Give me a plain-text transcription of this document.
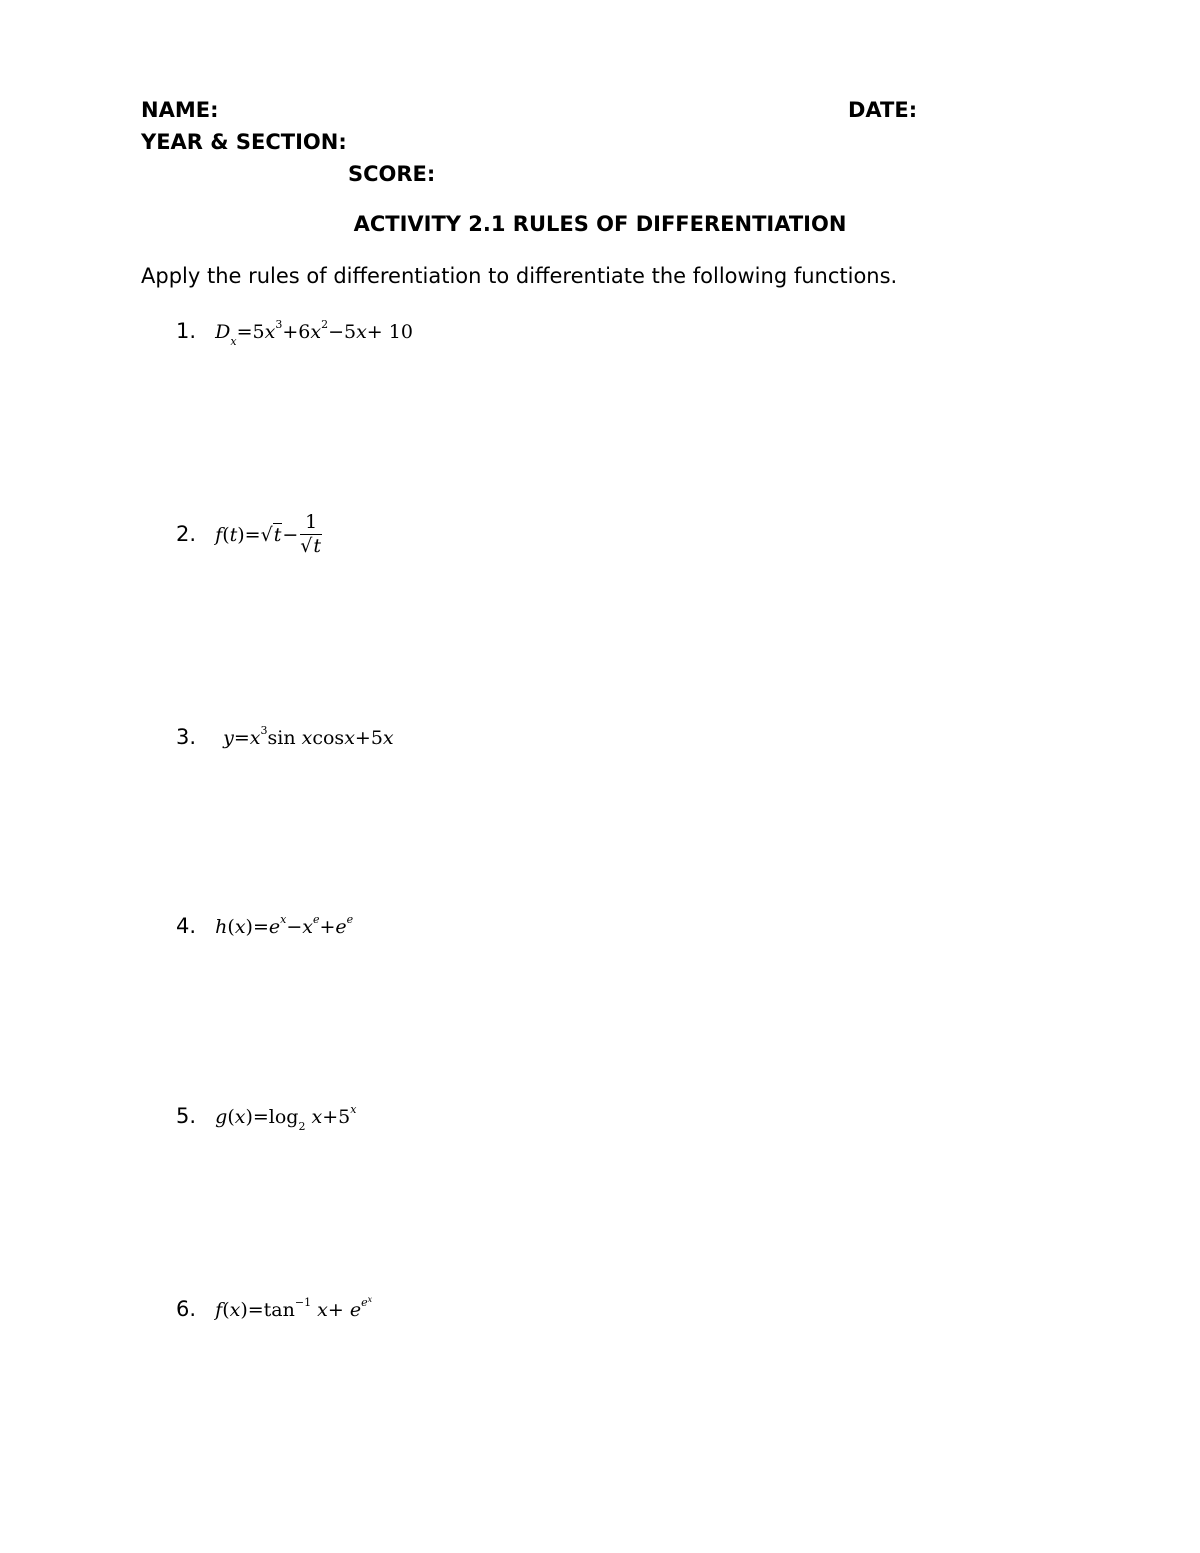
NAME:	DATE:
YEAR & SECTION:
SCORE:
ACTIVITY 2.1 RULES OF DIFFERENTIATION
Apply the rules of differentiation to differentiate the following functions.
1. $D_x=5x^3+6x^2-5x+ 10$
2. $f(t)=√t- \frac{1}{√t}$
3. $y=x^3\sin$ xcosx+5x
4. $h(x)=e^x-x^e+e^e$
5. $g(x)=\log_2$ $x+5^x$
6. $f(x)=\tan^{-1}$ $x+ e^{e^x}$
